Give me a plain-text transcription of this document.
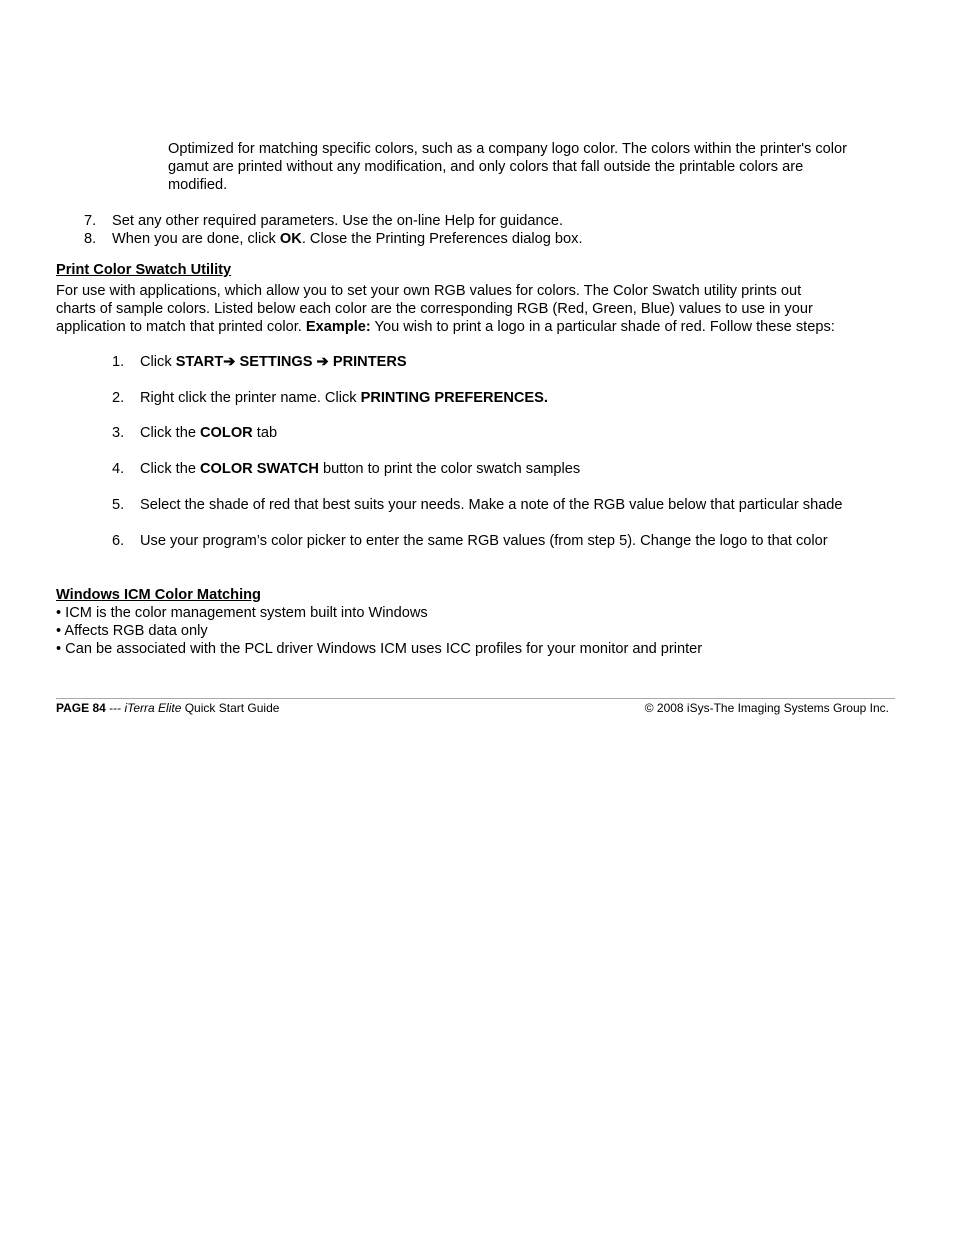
Optimized for matching specific colors, such as a company logo color. The colors within the printer's color
gamut are printed without any modification, and only colors that fall outside the printable colors are
modified.
7. Set any other required parameters. Use the on-line Help for guidance.
8. When you are done, click OK. Close the Printing Preferences dialog box.
Print Color Swatch Utility
For use with applications, which allow you to set your own RGB values for colors. The Color Swatch utility prints out
charts of sample colors. Listed below each color are the corresponding RGB (Red, Green, Blue) values to use in your
application to match that printed color. Example: You wish to print a logo in a particular shade of red. Follow these steps:
1. Click START➔ SETTINGS ➔ PRINTERS
2. Right click the printer name. Click PRINTING PREFERENCES.
3. Click the COLOR tab
4. Click the COLOR SWATCH button to print the color swatch samples
5. Select the shade of red that best suits your needs. Make a note of the RGB value below that particular shade
6. Use your program’s color picker to enter the same RGB values (from step 5). Change the logo to that color
Windows ICM Color Matching
• ICM is the color management system built into Windows
• Affects RGB data only
• Can be associated with the PCL driver Windows ICM uses ICC profiles for your monitor and printer
PAGE 84 --- iTerra Elite Quick Start Guide	© 2008 iSys-The Imaging Systems Group Inc.
